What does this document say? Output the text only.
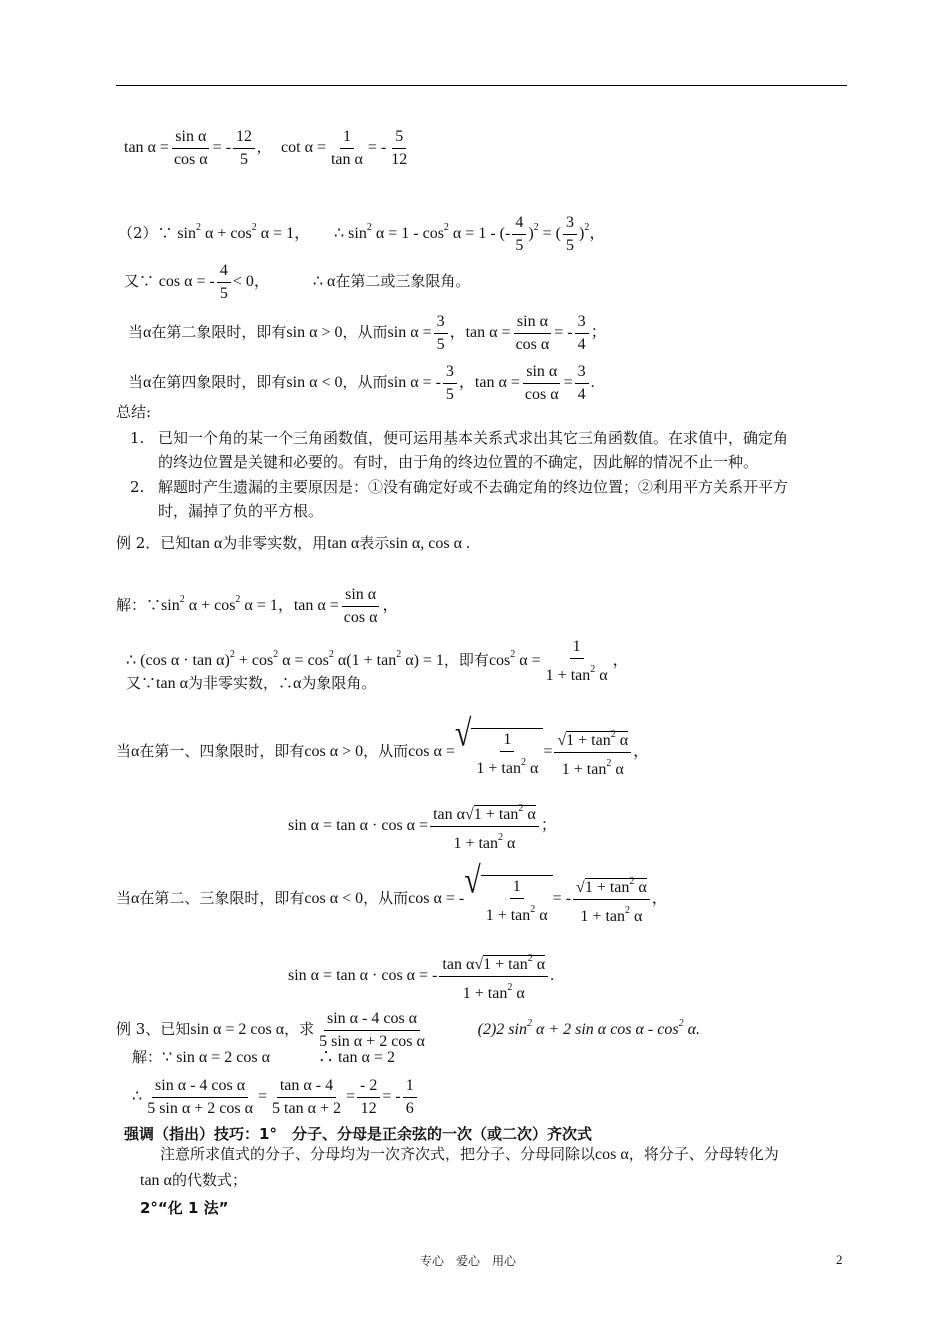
$\tan \alpha = \frac{\text{sin α}}{\text{cos α}}$ = - $\frac{12}{5}$ ,     $\cot \alpha = \frac{1}{\text{tan α}}$ = - $\frac{5}{12}$
（2）∵ $\sin^2 \alpha + \cos^2 \alpha = 1$， ∴ $\sin^2 \alpha = 1 - \cos^2 \alpha = 1$ - (- $\frac{4}{5} )^2$ = ( $\frac{3}{5} )^2$，
又∵ cos α = - $\frac{4}{5} < 0$，	∴ α在第二或三象限角。
当α在第二象限时，即有sin α > 0，从而$\sin \alpha = \frac{3}{5}$ ，$\tan \alpha = \frac{\text{sin α}}{\text{cos α}}$ = - $\frac{3}{4}$ ；
当α在第四象限时，即有sin α < 0，从而sin α = - $\frac{3}{5}$ ，$\tan \alpha = \frac{\text{sin α}}{\text{cos α}} = \frac{3}{4}$ .
总结:
1. 已知一个角的某一个三角函数值，便可运用基本关系式求出其它三角函数值。在求值中，确定角
的终边位置是关键和必要的。有时，由于角的终边位置的不确定，因此解的情况不止一种。
2. 解题时产生遗漏的主要原因是：①没有确定好或不去确定角的终边位置；②利用平方关系开平方
时，漏掉了负的平方根。
例 2．已知tan α为非零实数，用tan α表示sin α, cos α .
解：$\because\sin^2$ $\alpha + \cos^2 \alpha = 1$，$\tan \alpha = \frac{\text{sin α}}{\text{cos α}}$ ，
∴ (cos $\alpha \cdot \tan \alpha)^2 + \cos^2 \alpha = \cos^2 \alpha(1 + \tan^2 \alpha) = 1$，即有$\cos^2 \alpha = \frac{1}{1 + \tan^2 \alpha}$ ，
又∵tan α为非零实数，∴α为象限角。
当α在第一、四象限时，即有cos α > 0，从而cos α = √ $\frac{1}{1 + \tan^2 \alpha} = \frac{√1 + \tan^2 \alpha}{1 + \tan^2 \alpha}$ ，
$\sin \alpha = \tan \alpha \cdot \cos \alpha = \frac{\tan \alpha√1 + \tan^2 \alpha}{1 + \tan^2 \alpha}$ ；
当α在第二、三象限时，即有cos α < 0，从而cos α = - √ $\frac{1}{1 + \tan^2 \alpha}$ = - $\frac{√1 + \tan^2 \alpha}{1 + \tan^2 \alpha}$ ，
sin α = tan α · cos α = - $\frac{\tan \alpha√1 + \tan^2 \alpha}{1 + \tan^2 \alpha}$ .
例 3、已知sin α = 2 cos α，求 $\frac{\text{sin α - 4 cos α}}{\text{5 sin α + 2 cos α}}$	(2)2 $\sin^2 \alpha + 2$ sin α cos α - $\cos^2 \alpha$.
解：∵ sin α = 2 cos α　　　∴ tan α = 2
∴ $\frac{\text{sin α - 4 cos α}}{\text{5 sin α + 2 cos α}} = \frac{\text{tan α - 4}}{\text{5 tan α + 2}} = \frac{- 2}{12}$ = - $\frac{1}{6}$
强调（指出）技巧：1°　分子、分母是正余弦的一次（或二次）齐次式
注意所求值式的分子、分母均为一次齐次式，把分子、分母同除以cos α，将分子、分母转化为
tan α的代数式；
2°“化 1 法”
专心　爱心　用心	2
